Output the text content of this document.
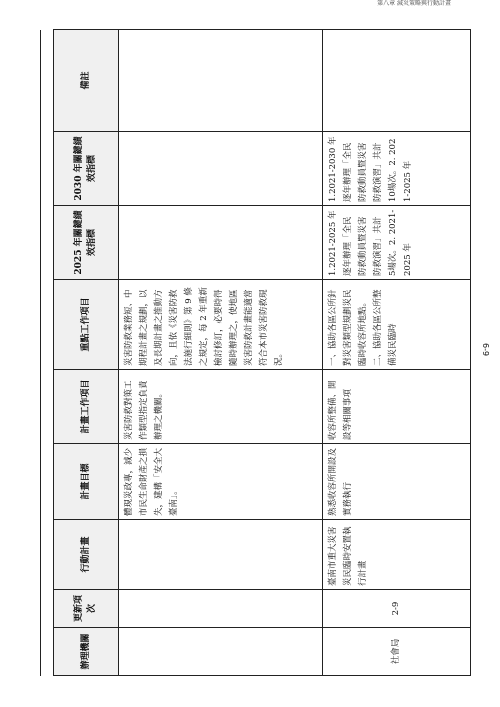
第八章 減災策略與行動計畫
辦理機關	更新項次	行動計畫	計畫目標	計畫工作項目	重點工作項目	2025 年關鍵績效指標	2030 年關鍵績效指標	備註
			體現災政專，減少市民生命財產之損失，建構「安全大臺南」。	災害防救對策工作類型指定負責辦理之機關。	災害防救業務短、中期程計畫之規劃，以及長期計畫之推動方向，且依《災害防救法施行細則》第 9 條之規定，每 2 年重新檢討修訂，必要時得隨時辦理之，使地區災害防救計畫能適當符合本市災害防救現況。			
社會局	2-9	臺南市重大災害災民臨時安置執行計畫	熟悉收容所開設及實務執行	收容所整備、開設等相關事項	一、協助各區公所針對災害類型規劃災民臨時收容所地點。二、協助各區公所整備災民臨時	1.2021-2025 年逐年辦理「全民防救動員暨災害防救演習」共計 5場次。2. 2021-2025 年	1.2021-2030 年逐年辦理「全民防救動員暨災害防救演習」共計 10場次。2. 2021-2025 年	
6-9
